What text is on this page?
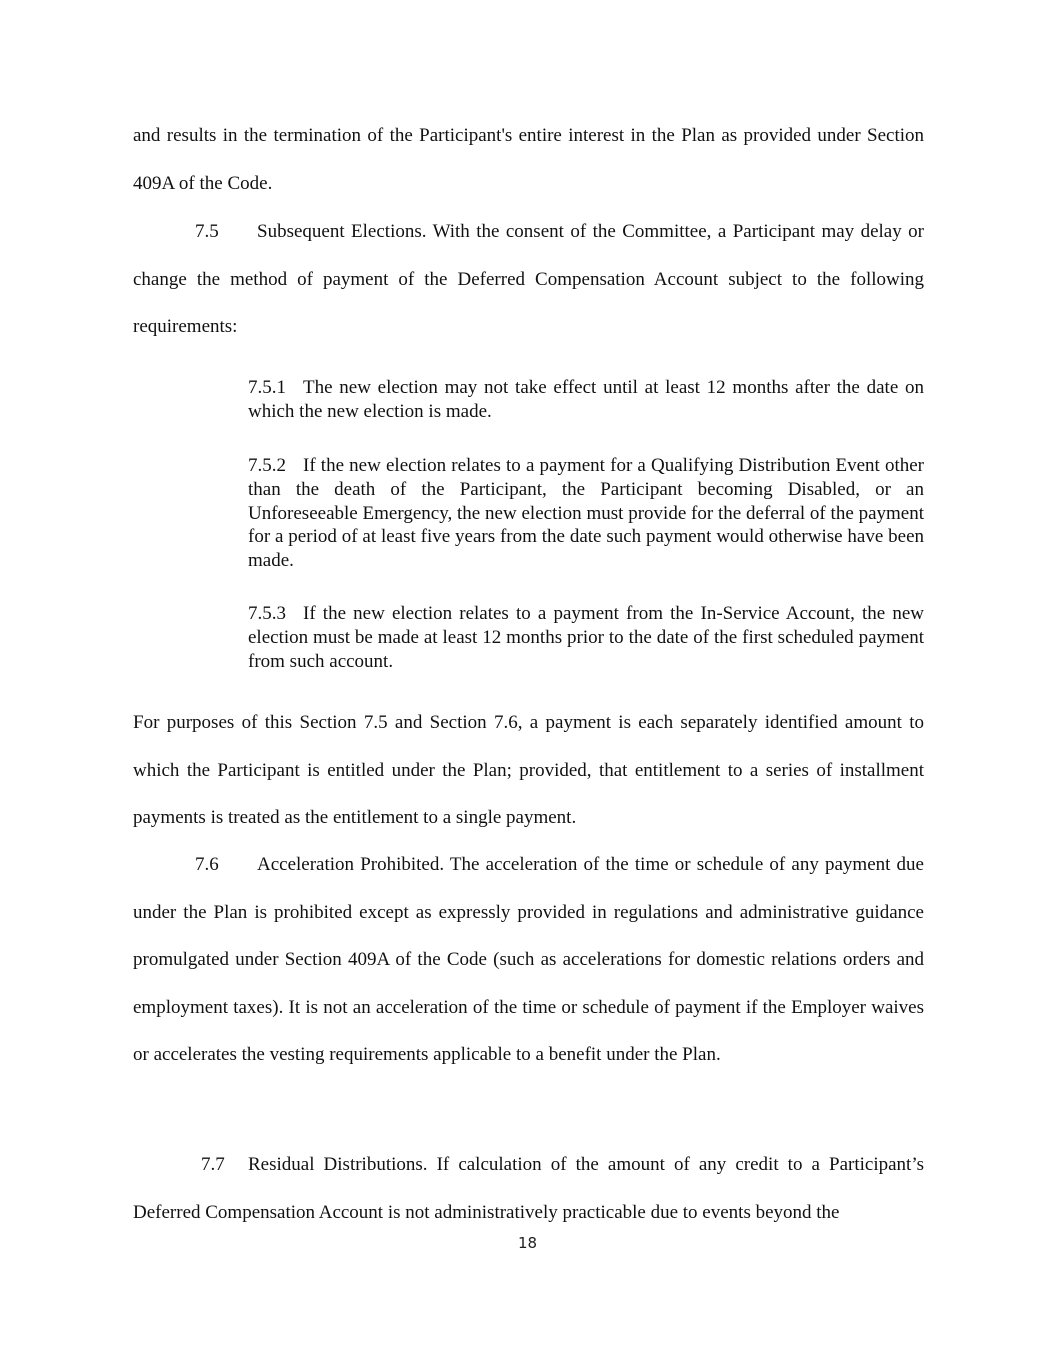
and results in the termination of the Participant's entire interest in the Plan as provided under Section 409A of the Code.

7.5 Subsequent Elections. With the consent of the Committee, a Participant may delay or change the method of payment of the Deferred Compensation Account subject to the following requirements:

7.5.1 The new election may not take effect until at least 12 months after the date on which the new election is made.

7.5.2 If the new election relates to a payment for a Qualifying Distribution Event other than the death of the Participant, the Participant becoming Disabled, or an Unforeseeable Emergency, the new election must provide for the deferral of the payment for a period of at least five years from the date such payment would otherwise have been made.

7.5.3 If the new election relates to a payment from the In-Service Account, the new election must be made at least 12 months prior to the date of the first scheduled payment from such account.

For purposes of this Section 7.5 and Section 7.6, a payment is each separately identified amount to which the Participant is entitled under the Plan; provided, that entitlement to a series of installment payments is treated as the entitlement to a single payment.

7.6 Acceleration Prohibited. The acceleration of the time or schedule of any payment due under the Plan is prohibited except as expressly provided in regulations and administrative guidance promulgated under Section 409A of the Code (such as accelerations for domestic relations orders and employment taxes). It is not an acceleration of the time or schedule of payment if the Employer waives or accelerates the vesting requirements applicable to a benefit under the Plan.

7.7 Residual Distributions. If calculation of the amount of any credit to a Participant’s Deferred Compensation Account is not administratively practicable due to events beyond the

18
